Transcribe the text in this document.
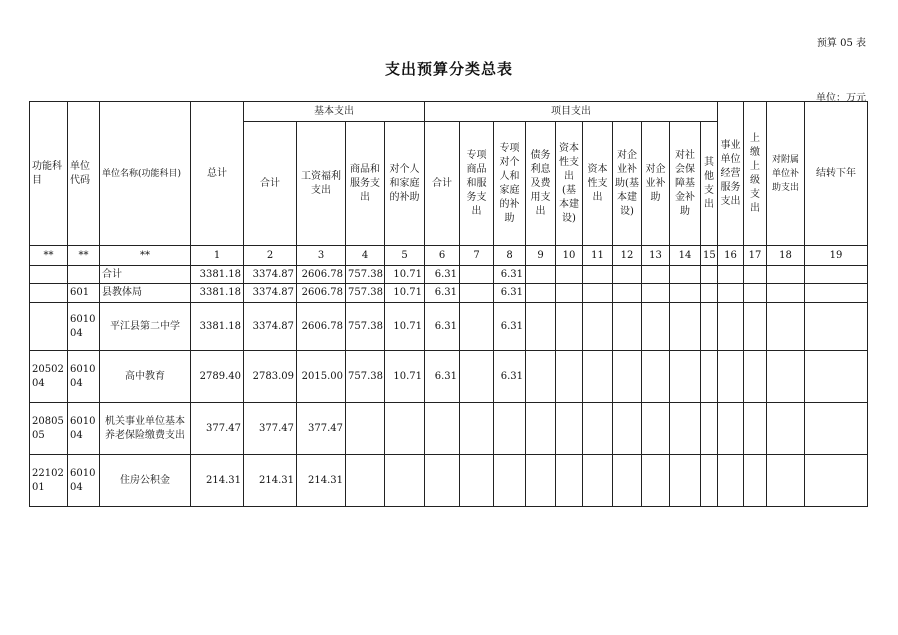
预算 05 表
支出预算分类总表
单位：万元
功能科目	单位代码	单位名称(功能科目)	总计	基本支出				项目支出										事业单位经营服务支出	上缴上级支出	对附属单位补助支出	结转下年
				合计	工资福利支出	商品和服务支出	对个人和家庭的补助	合计	专项商品和服务支出	专项对个人和家庭的补助	债务利息及费用支出	资本性支出(基本建设)	资本性支出	对企业补助(基本建设)	对企业补助	对社会保障基金补助	其他支出				
**	**	**	1	2	3	4	5	6	7	8	9	10	11	12	13	14	15	16	17	18	19
		合计	3381.18	3374.87	2606.78	757.38	10.71	6.31		6.31											
	601	县教体局	3381.18	3374.87	2606.78	757.38	10.71	6.31		6.31											
	601004	平江县第二中学	3381.18	3374.87	2606.78	757.38	10.71	6.31		6.31											
2050204	601004	高中教育	2789.40	2783.09	2015.00	757.38	10.71	6.31		6.31											
2080505	601004	机关事业单位基本养老保险缴费支出	377.47	377.47	377.47																
2210201	601004	住房公积金	214.31	214.31	214.31																
